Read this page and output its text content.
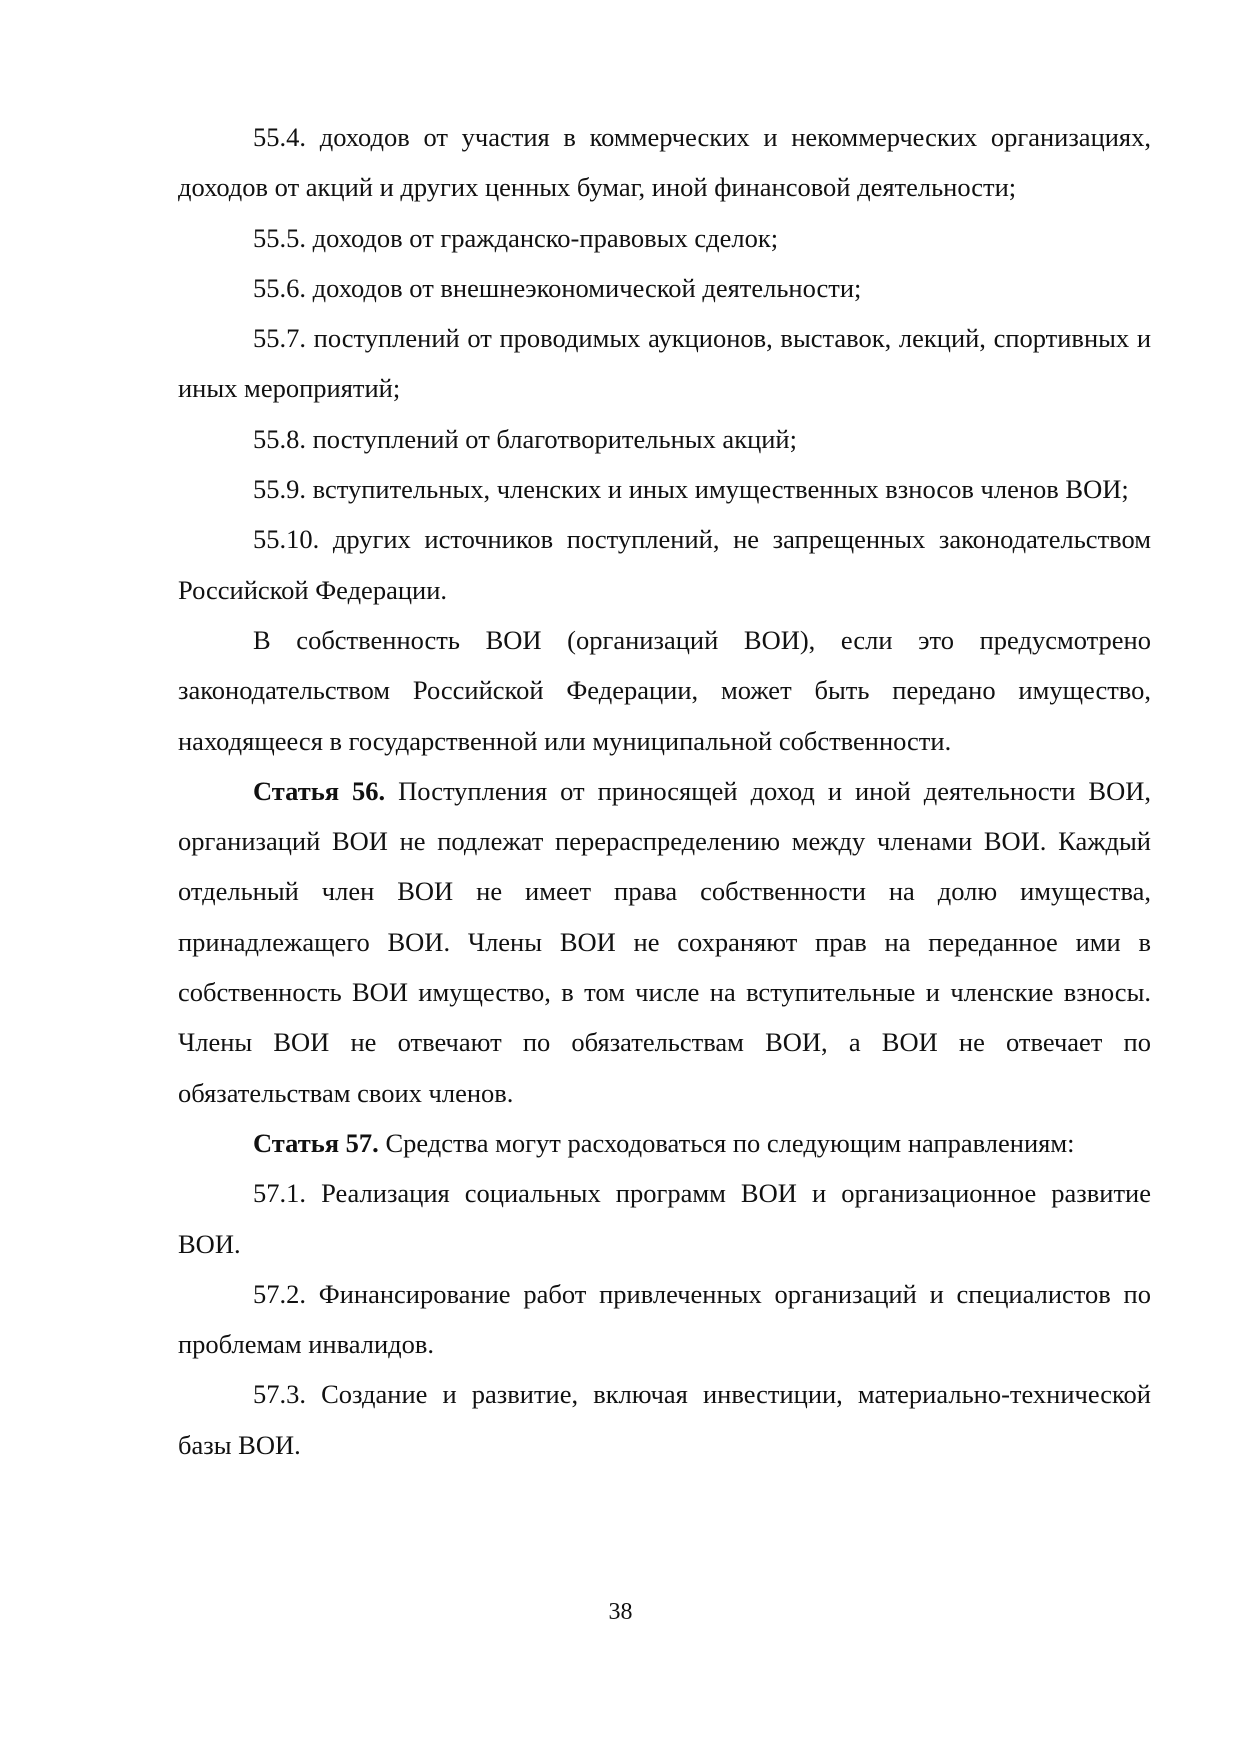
55.4. доходов от участия в коммерческих и некоммерческих организациях, доходов от акций и других ценных бумаг, иной финансовой деятельности;

55.5. доходов от гражданско-правовых сделок;

55.6. доходов от внешнеэкономической деятельности;

55.7. поступлений от проводимых аукционов, выставок, лекций, спортивных и иных мероприятий;

55.8. поступлений от благотворительных акций;

55.9. вступительных, членских и иных имущественных взносов членов ВОИ;

55.10. других источников поступлений, не запрещенных законодательством Российской Федерации.

В собственность ВОИ (организаций ВОИ), если это предусмотрено законодательством Российской Федерации, может быть передано имущество, находящееся в государственной или муниципальной собственности.

Статья 56. Поступления от приносящей доход и иной деятельности ВОИ, организаций ВОИ не подлежат перераспределению между членами ВОИ. Каждый отдельный член ВОИ не имеет права собственности на долю имущества, принадлежащего ВОИ. Члены ВОИ не сохраняют прав на переданное ими в собственность ВОИ имущество, в том числе на вступительные и членские взносы. Члены ВОИ не отвечают по обязательствам ВОИ, а ВОИ не отвечает по обязательствам своих членов.

Статья 57. Средства могут расходоваться по следующим направлениям:

57.1. Реализация социальных программ ВОИ и организационное развитие ВОИ.

57.2. Финансирование работ привлеченных организаций и специалистов по проблемам инвалидов.

57.3. Создание и развитие, включая инвестиции, материально-технической базы ВОИ.

38
